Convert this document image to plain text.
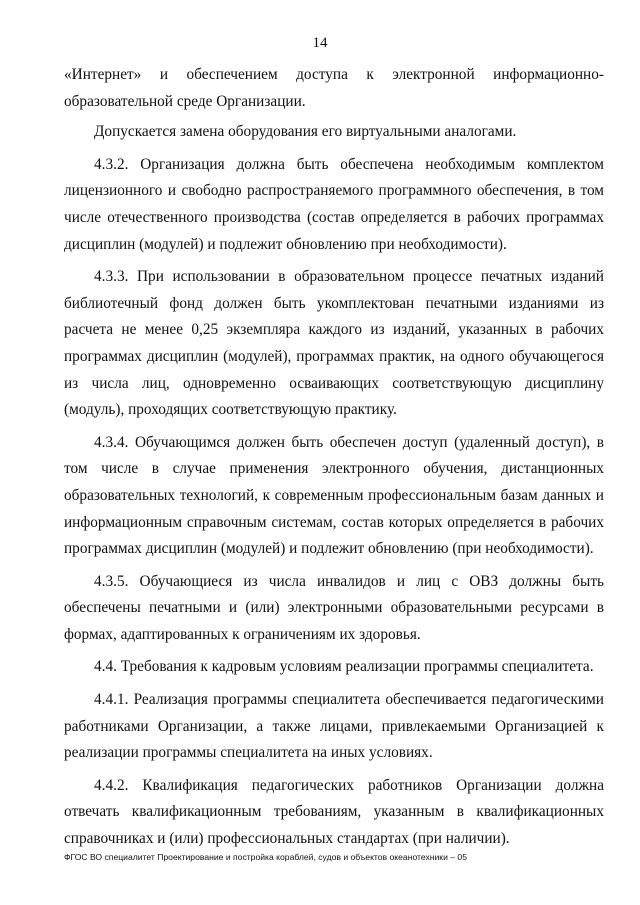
14

«Интернет» и обеспечением доступа к электронной информационно-образовательной среде Организации.

Допускается замена оборудования его виртуальными аналогами.

4.3.2. Организация должна быть обеспечена необходимым комплектом лицензионного и свободно распространяемого программного обеспечения, в том числе отечественного производства (состав определяется в рабочих программах дисциплин (модулей) и подлежит обновлению при необходимости).

4.3.3. При использовании в образовательном процессе печатных изданий библиотечный фонд должен быть укомплектован печатными изданиями из расчета не менее 0,25 экземпляра каждого из изданий, указанных в рабочих программах дисциплин (модулей), программах практик, на одного обучающегося из числа лиц, одновременно осваивающих соответствующую дисциплину (модуль), проходящих соответствующую практику.

4.3.4. Обучающимся должен быть обеспечен доступ (удаленный доступ), в том числе в случае применения электронного обучения, дистанционных образовательных технологий, к современным профессиональным базам данных и информационным справочным системам, состав которых определяется в рабочих программах дисциплин (модулей) и подлежит обновлению (при необходимости).

4.3.5. Обучающиеся из числа инвалидов и лиц с ОВЗ должны быть обеспечены печатными и (или) электронными образовательными ресурсами в формах, адаптированных к ограничениям их здоровья.

4.4. Требования к кадровым условиям реализации программы специалитета.

4.4.1. Реализация программы специалитета обеспечивается педагогическими работниками Организации, а также лицами, привлекаемыми Организацией к реализации программы специалитета на иных условиях.

4.4.2. Квалификация педагогических работников Организации должна отвечать квалификационным требованиям, указанным в квалификационных справочниках и (или) профессиональных стандартах (при наличии).

ФГОС ВО специалитет Проектирование и постройка кораблей, судов и объектов океанотехники – 05
